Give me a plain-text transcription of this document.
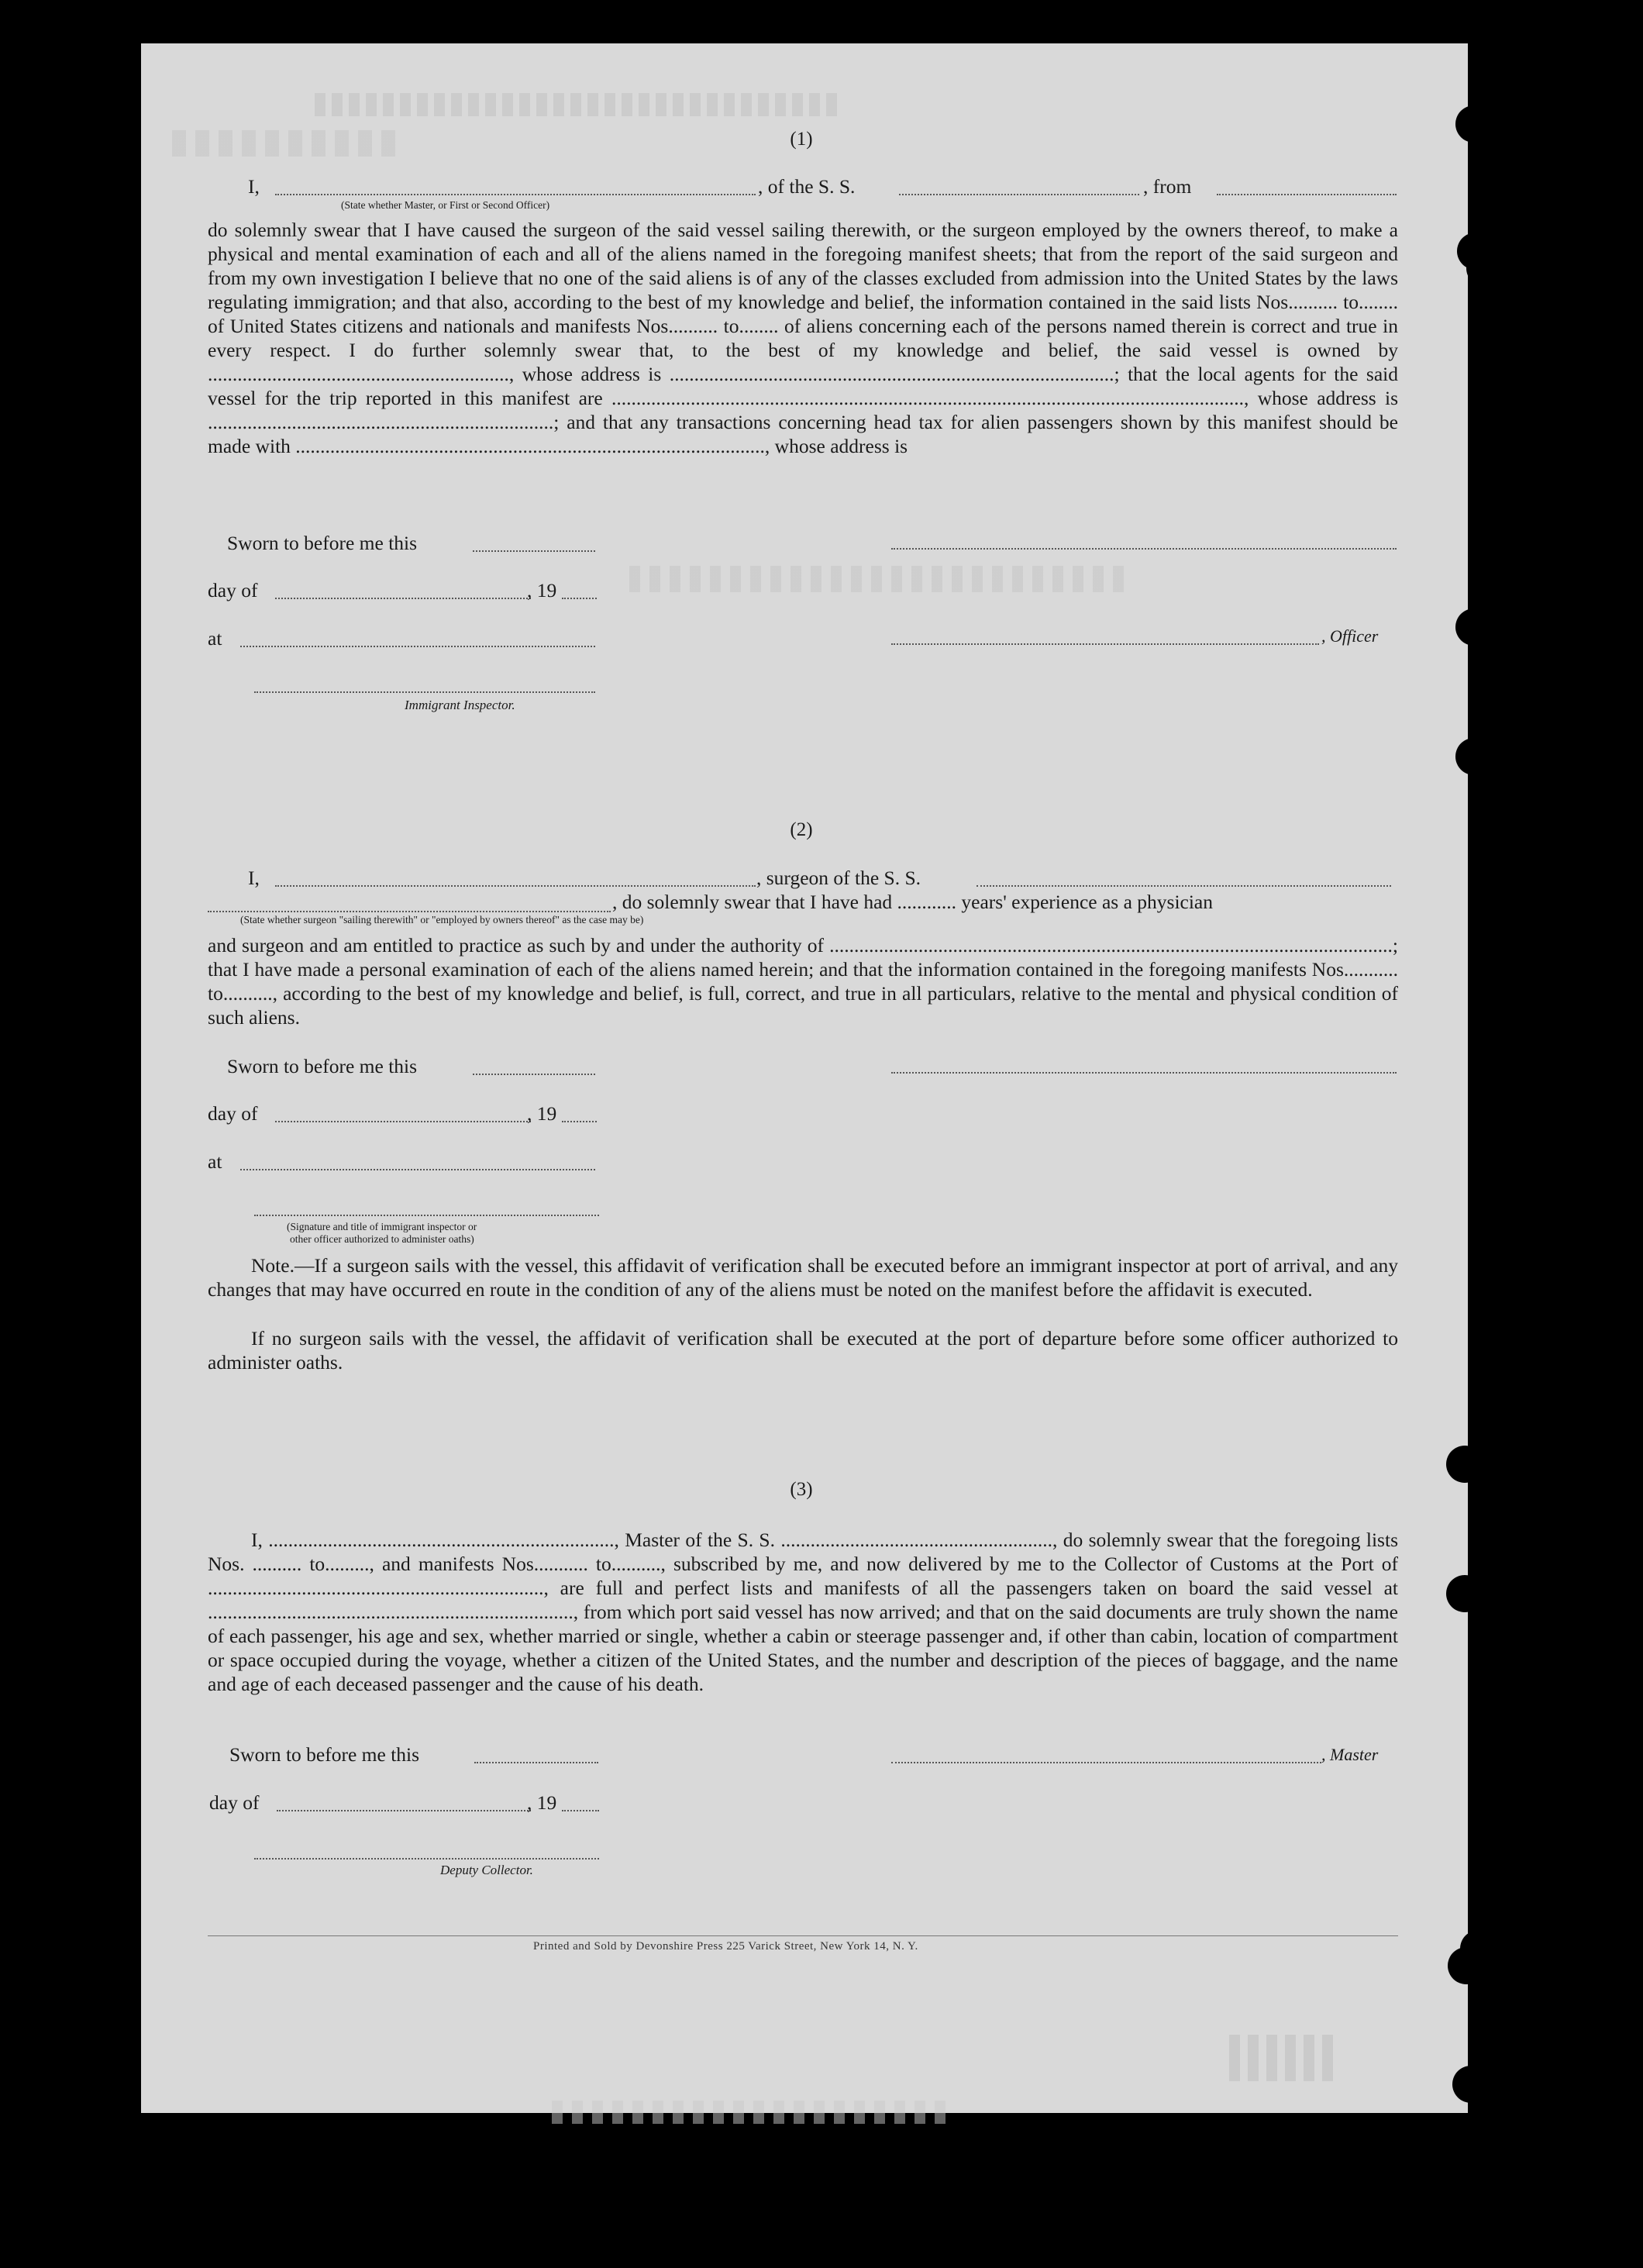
(1)
I,	, of the S. S.	, from
(State whether Master, or First or Second Officer)

do solemnly swear that I have caused the surgeon of the said vessel sailing therewith, or the surgeon employed by the owners thereof, to make a physical and mental examination of each and all of the aliens named in the foregoing manifest sheets; that from the report of the said surgeon and from my own investigation I believe that no one of the said aliens is of any of the classes excluded from admission into the United States by the laws regulating immigration; and that also, according to the best of my knowledge and belief, the information contained in the said lists Nos.......... to........ of United States citizens and nationals and manifests Nos.......... to........ of aliens concerning each of the persons named therein is correct and true in every respect. I do further solemnly swear that, to the best of my knowledge and belief, the said vessel is owned by ............................................................., whose address is ..........................................................................................; that the local agents for the said vessel for the trip reported in this manifest are ................................................................................................................................, whose address is ......................................................................; and that any transactions concerning head tax for alien passengers shown by this manifest should be made with ..............................................................................................., whose address is

Sworn to before me this
day of	, 19
at	, Officer
Immigrant Inspector.
(2)
I,	, surgeon of the S. S.
, do solemnly swear that I have had ............ years' experience as a physician
(State whether surgeon "sailing therewith" or "employed by owners thereof" as the case may be)

and surgeon and am entitled to practice as such by and under the authority of ..................................................................................................................; that I have made a personal examination of each of the aliens named herein; and that the information contained in the foregoing manifests Nos........... to.........., according to the best of my knowledge and belief, is full, correct, and true in all particulars, relative to the mental and physical condition of such aliens.

Sworn to before me this
day of	, 19
at
(Signature and title of immigrant inspector or
other officer authorized to administer oaths)

Note.—If a surgeon sails with the vessel, this affidavit of verification shall be executed before an immigrant inspector at port of arrival, and any changes that may have occurred en route in the condition of any of the aliens must be noted on the manifest before the affidavit is executed.

If no surgeon sails with the vessel, the affidavit of verification shall be executed at the port of departure before some officer authorized to administer oaths.

(3)

I, ......................................................................, Master of the S. S. ......................................................., do solemnly swear that the foregoing lists Nos. .......... to........., and manifests Nos........... to.........., subscribed by me, and now delivered by me to the Collector of Customs at the Port of ...................................................................., are full and perfect lists and manifests of all the passengers taken on board the said vessel at .........................................................................., from which port said vessel has now arrived; and that on the said documents are truly shown the name of each passenger, his age and sex, whether married or single, whether a cabin or steerage passenger and, if other than cabin, location of compartment or space occupied during the voyage, whether a citizen of the United States, and the number and description of the pieces of baggage, and the name and age of each deceased passenger and the cause of his death.

Sworn to before me this	, Master
day of	, 19
Deputy Collector.
Printed and Sold by Devonshire Press 225 Varick Street, New York 14, N. Y.
